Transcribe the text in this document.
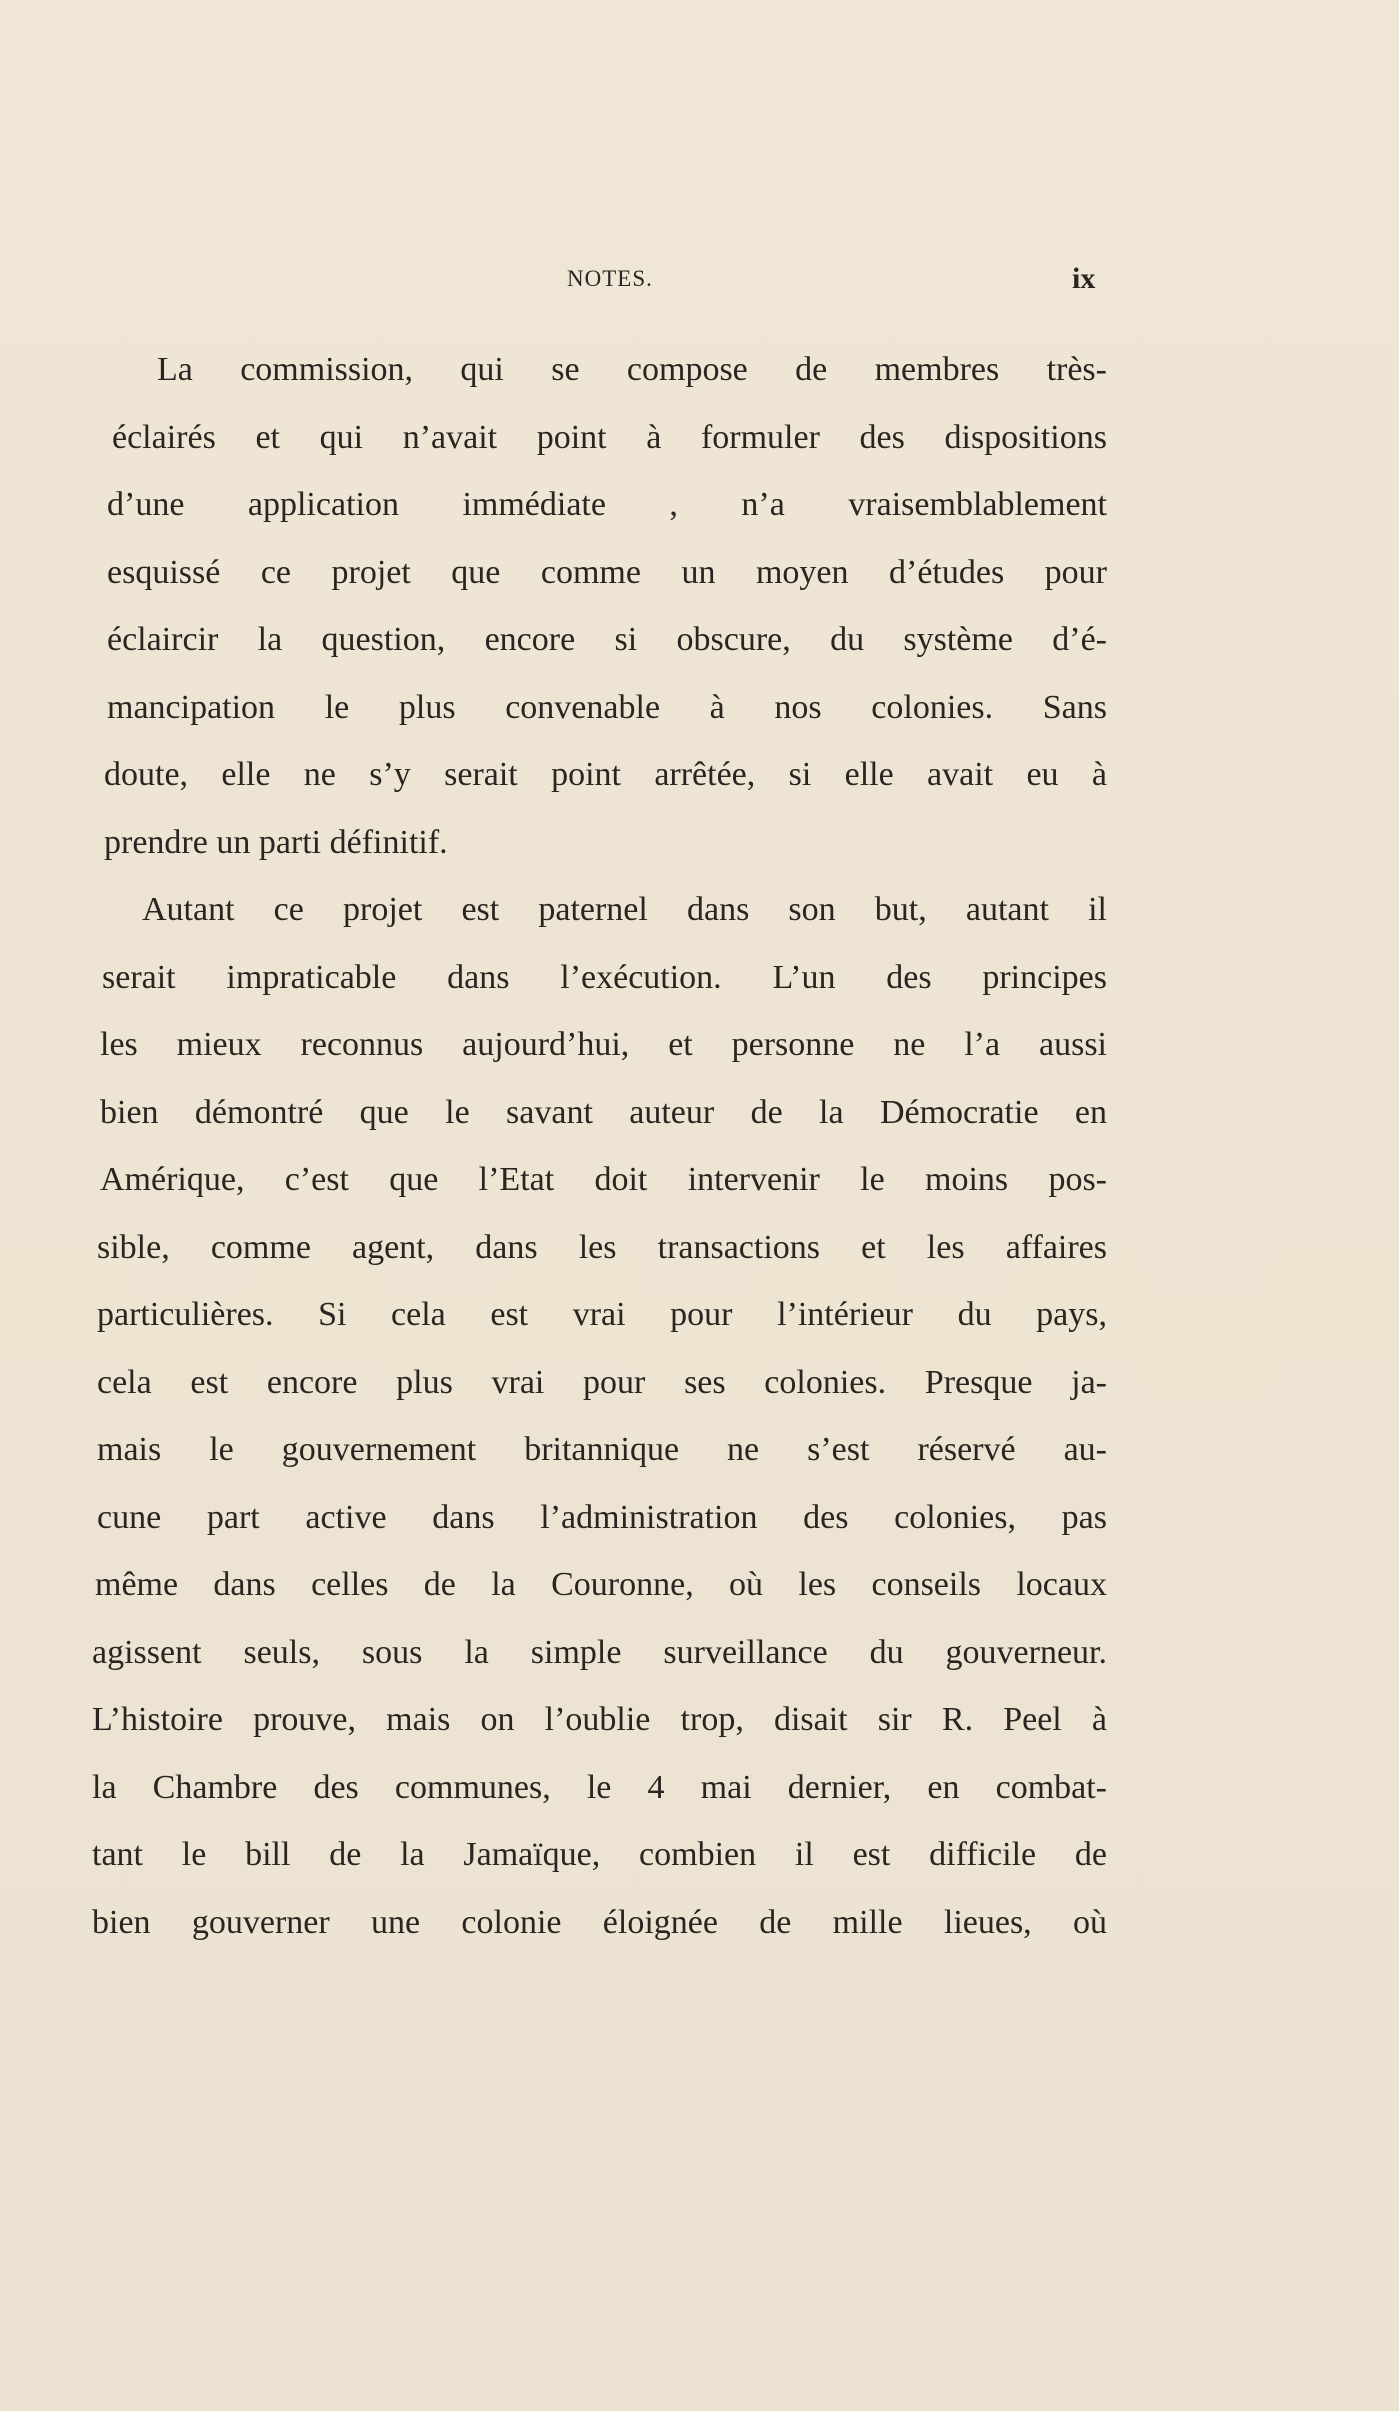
NOTES.	ix
La commission, qui se compose de membres très-
éclairés et qui n’avait point à formuler des dispositions
d’une application immédiate , n’a vraisemblablement
esquissé ce projet que comme un moyen d’études pour
éclaircir la question, encore si obscure, du système d’é-
mancipation le plus convenable à nos colonies. Sans
doute, elle ne s’y serait point arrêtée, si elle avait eu à
prendre un parti définitif.
Autant ce projet est paternel dans son but, autant il
serait impraticable dans l’exécution. L’un des principes
les mieux reconnus aujourd’hui, et personne ne l’a aussi
bien démontré que le savant auteur de la Démocratie en
Amérique, c’est que l’Etat doit intervenir le moins pos-
sible, comme agent, dans les transactions et les affaires
particulières. Si cela est vrai pour l’intérieur du pays,
cela est encore plus vrai pour ses colonies. Presque ja-
mais le gouvernement britannique ne s’est réservé au-
cune part active dans l’administration des colonies, pas
même dans celles de la Couronne, où les conseils locaux
agissent seuls, sous la simple surveillance du gouverneur.
L’histoire prouve, mais on l’oublie trop, disait sir R. Peel à
la Chambre des communes, le 4 mai dernier, en combat-
tant le bill de la Jamaïque, combien il est difficile de
bien gouverner une colonie éloignée de mille lieues, où
